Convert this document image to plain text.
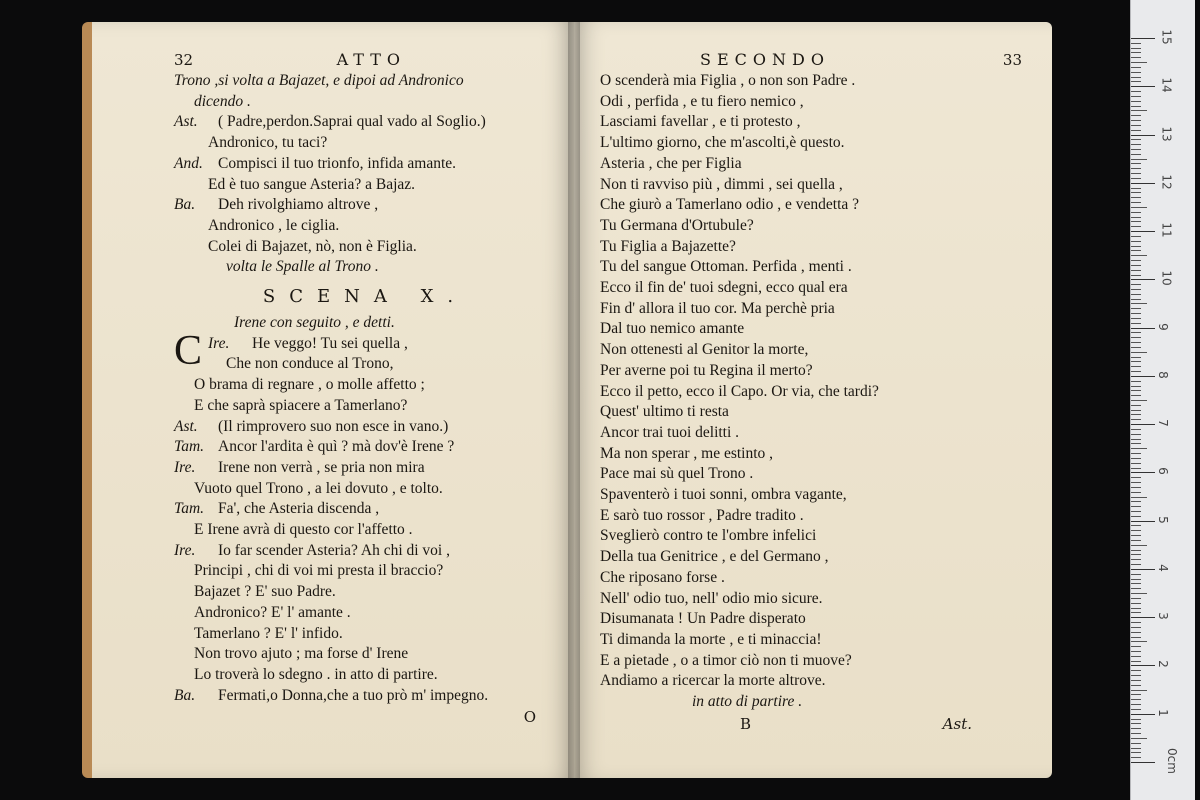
32	ATTO
Trono ,si volta a Bajazet, e dipoi ad Andronico
dicendo .
Ast. ( Padre,perdon.Saprai qual vado al Soglio.)
Andronico, tu taci?
And. Compisci il tuo trionfo, infida amante.
Ed è tuo sangue Asteria? a Bajaz.
Ba. Deh rivolghiamo altrove ,
Andronico , le ciglia.
Colei di Bajazet, nò, non è Figlia.
volta le Spalle al Trono .
SCENA X.
Irene con seguito , e detti.
Ire.
C	He veggo! Tu sei quella ,
Che non conduce al Trono,
O brama di regnare , o molle affetto ;
E che saprà spiacere a Tamerlano?
Ast. (Il rimprovero suo non esce in vano.)
Tam. Ancor l'ardita è quì ? mà dov'è Irene ?
Ire. Irene non verrà , se pria non mira
Vuoto quel Trono , a lei dovuto , e tolto.
Tam. Fa', che Asteria discenda ,
E Irene avrà di questo cor l'affetto .
Ire. Io far scender Asteria? Ah chi di voi ,
Principi , chi di voi mi presta il braccio?
Bajazet ? E' suo Padre.
Andronico? E' l' amante .
Tamerlano ? E' l' infido.
Non trovo ajuto ; ma forse d' Irene
Lo troverà lo sdegno . in atto di partire.
Ba. Fermati,o Donna,che a tuo prò m' impegno.
O
SECONDO	33
O scenderà mia Figlia , o non son Padre .
Odi , perfida , e tu fiero nemico ,
Lasciami favellar , e ti protesto ,
L'ultimo giorno, che m'ascolti,è questo.
Asteria , che per Figlia
Non ti ravviso più , dimmi , sei quella ,
Che giurò a Tamerlano odio , e vendetta ?
Tu Germana d'Ortubule?
Tu Figlia a Bajazette?
Tu del sangue Ottoman. Perfida , menti .
Ecco il fin de' tuoi sdegni, ecco qual era
Fin d' allora il tuo cor. Ma perchè pria
Dal tuo nemico amante
Non ottenesti al Genitor la morte,
Per averne poi tu Regina il merto?
Ecco il petto, ecco il Capo. Or via, che tardi?
Quest' ultimo ti resta
Ancor trai tuoi delitti .
Ma non sperar , me estinto ,
Pace mai sù quel Trono .
Spaventerò i tuoi sonni, ombra vagante,
E sarò tuo rossor , Padre tradito .
Sveglierò contro te l'ombre infelici
Della tua Genitrice , e del Germano ,
Che riposano forse .
Nell' odio tuo, nell' odio mio sicure.
Disumanata ! Un Padre disperato
Ti dimanda la morte , e ti minaccia!
E a pietade , o a timor ciò non ti muove?
Andiamo a ricercar la morte altrove.
in atto di partire .
B	Ast.
15
14
13
12
11
10
9
8
7
6
5
4
3
2
1
0cm
